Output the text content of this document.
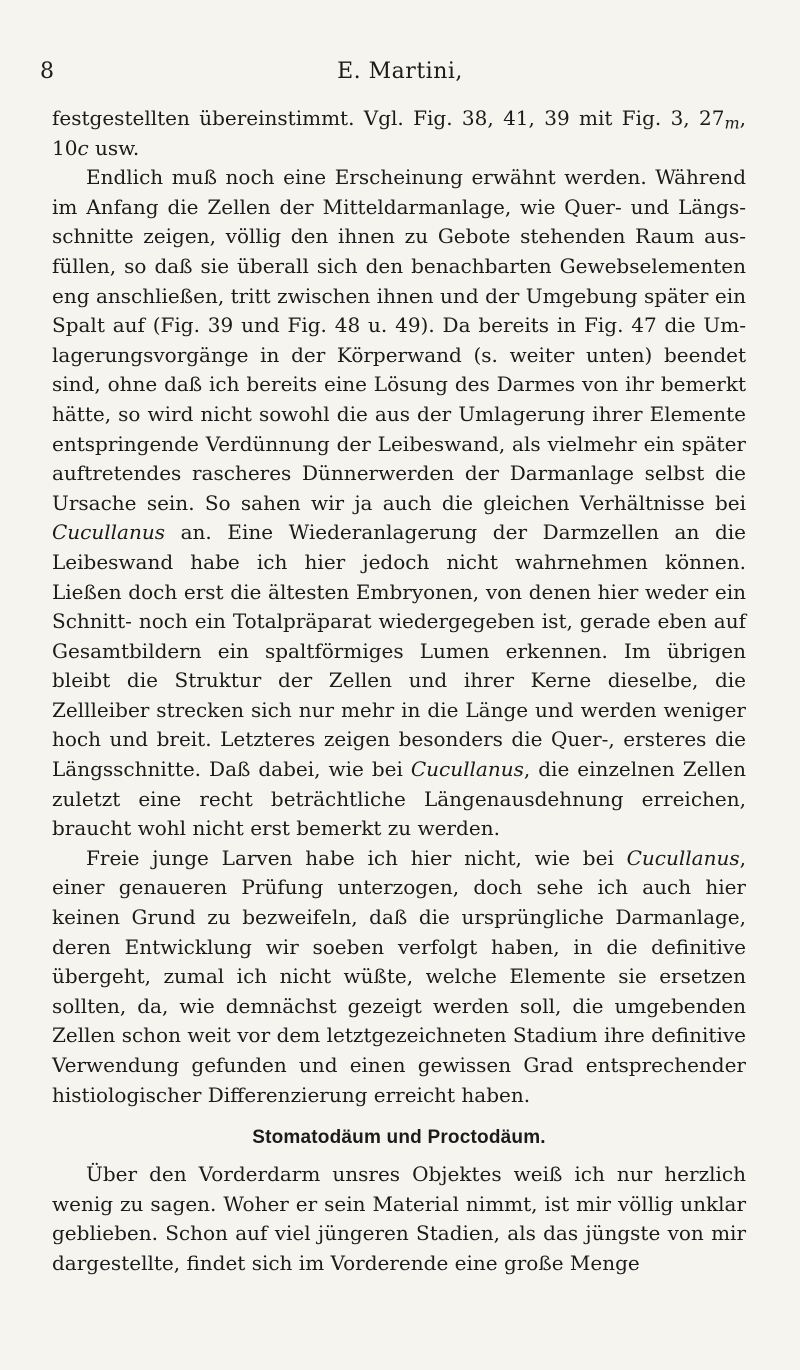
8	E. Martini,

festgestellten übereinstimmt. Vgl. Fig. 38, 41, 39 mit Fig. 3, $27_m$, 10c usw.

Endlich muß noch eine Erscheinung erwähnt werden. Während im Anfang die Zellen der Mitteldarmanlage, wie Quer- und Längsschnitte zeigen, völlig den ihnen zu Gebote stehenden Raum ausfüllen, so daß sie überall sich den benachbarten Gewebselementen eng anschließen, tritt zwischen ihnen und der Umgebung später ein Spalt auf (Fig. 39 und Fig. 48 u. 49). Da bereits in Fig. 47 die Umlagerungsvorgänge in der Körperwand (s. weiter unten) beendet sind, ohne daß ich bereits eine Lösung des Darmes von ihr bemerkt hätte, so wird nicht sowohl die aus der Umlagerung ihrer Elemente entspringende Verdünnung der Leibeswand, als vielmehr ein später auftretendes rascheres Dünnerwerden der Darmanlage selbst die Ursache sein. So sahen wir ja auch die gleichen Verhältnisse bei Cucullanus an. Eine Wiederanlagerung der Darmzellen an die Leibeswand habe ich hier jedoch nicht wahrnehmen können. Ließen doch erst die ältesten Embryonen, von denen hier weder ein Schnitt- noch ein Totalpräparat wiedergegeben ist, gerade eben auf Gesamtbildern ein spaltförmiges Lumen erkennen. Im übrigen bleibt die Struktur der Zellen und ihrer Kerne dieselbe, die Zellleiber strecken sich nur mehr in die Länge und werden weniger hoch und breit. Letzteres zeigen besonders die Quer-, ersteres die Längsschnitte. Daß dabei, wie bei Cucullanus, die einzelnen Zellen zuletzt eine recht beträchtliche Längenausdehnung erreichen, braucht wohl nicht erst bemerkt zu werden.

Freie junge Larven habe ich hier nicht, wie bei Cucullanus, einer genaueren Prüfung unterzogen, doch sehe ich auch hier keinen Grund zu bezweifeln, daß die ursprüngliche Darmanlage, deren Entwicklung wir soeben verfolgt haben, in die definitive übergeht, zumal ich nicht wüßte, welche Elemente sie ersetzen sollten, da, wie demnächst gezeigt werden soll, die umgebenden Zellen schon weit vor dem letztgezeichneten Stadium ihre definitive Verwendung gefunden und einen gewissen Grad entsprechender histiologischer Differenzierung erreicht haben.

Stomatodäum und Proctodäum.

Über den Vorderdarm unsres Objektes weiß ich nur herzlich wenig zu sagen. Woher er sein Material nimmt, ist mir völlig unklar geblieben. Schon auf viel jüngeren Stadien, als das jüngste von mir dargestellte, findet sich im Vorderende eine große Menge
